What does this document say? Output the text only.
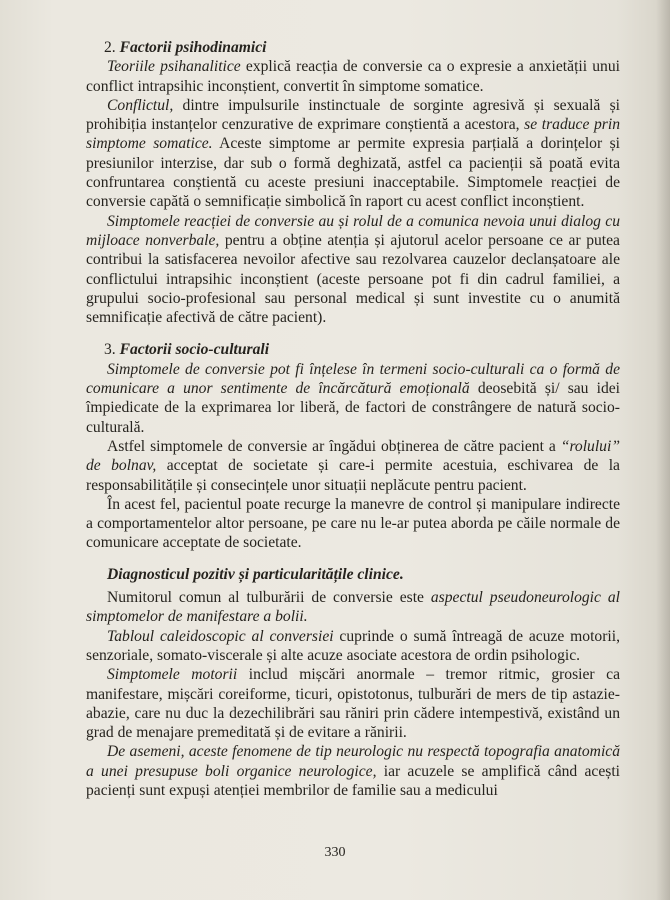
2. Factorii psihodinamici

Teoriile psihanalitice explică reacția de conversie ca o expresie a anxietății unui conflict intrapsihic inconștient, convertit în simptome somatice.

Conflictul, dintre impulsurile instinctuale de sorginte agresivă și sexuală și prohibiția instanțelor cenzurative de exprimare conștientă a acestora, se traduce prin simptome somatice. Aceste simptome ar permite expresia parțială a dorințelor și presiunilor interzise, dar sub o formă deghizată, astfel ca pacienții să poată evita confruntarea conștientă cu aceste presiuni inacceptabile. Simptomele reacției de conversie capătă o semnificație simbolică în raport cu acest conflict inconștient.

Simptomele reacției de conversie au și rolul de a comunica nevoia unui dialog cu mijloace nonverbale, pentru a obține atenția și ajutorul acelor persoane ce ar putea contribui la satisfacerea nevoilor afective sau rezolvarea cauzelor declanșatoare ale conflictului intrapsihic inconștient (aceste persoane pot fi din cadrul familiei, a grupului socio-profesional sau personal medical și sunt investite cu o anumită semnificație afectivă de către pacient).

3. Factorii socio-culturali

Simptomele de conversie pot fi înțelese în termeni socio-culturali ca o formă de comunicare a unor sentimente de încărcătură emoțională deosebită și/ sau idei împiedicate de la exprimarea lor liberă, de factori de constrângere de natură socio-culturală.

Astfel simptomele de conversie ar îngădui obținerea de către pacient a “rolului” de bolnav, acceptat de societate și care-i permite acestuia, eschivarea de la responsabilitățile și consecințele unor situații neplăcute pentru pacient.

În acest fel, pacientul poate recurge la manevre de control și manipulare indirecte a comportamentelor altor persoane, pe care nu le-ar putea aborda pe căile normale de comunicare acceptate de societate.

Diagnosticul pozitiv și particularitățile clinice.

Numitorul comun al tulburării de conversie este aspectul pseudoneurologic al simptomelor de manifestare a bolii.

Tabloul caleidoscopic al conversiei cuprinde o sumă întreagă de acuze motorii, senzoriale, somato-viscerale și alte acuze asociate acestora de ordin psihologic.

Simptomele motorii includ mișcări anormale – tremor ritmic, grosier ca manifestare, mișcări coreiforme, ticuri, opistotonus, tulburări de mers de tip astazie-abazie, care nu duc la dezechilibrări sau răniri prin cădere intempestivă, existând un grad de menajare premeditată și de evitare a rănirii.

De asemeni, aceste fenomene de tip neurologic nu respectă topografia anatomică a unei presupuse boli organice neurologice, iar acuzele se amplifică când acești pacienți sunt expuși atenției membrilor de familie sau a medicului

330
